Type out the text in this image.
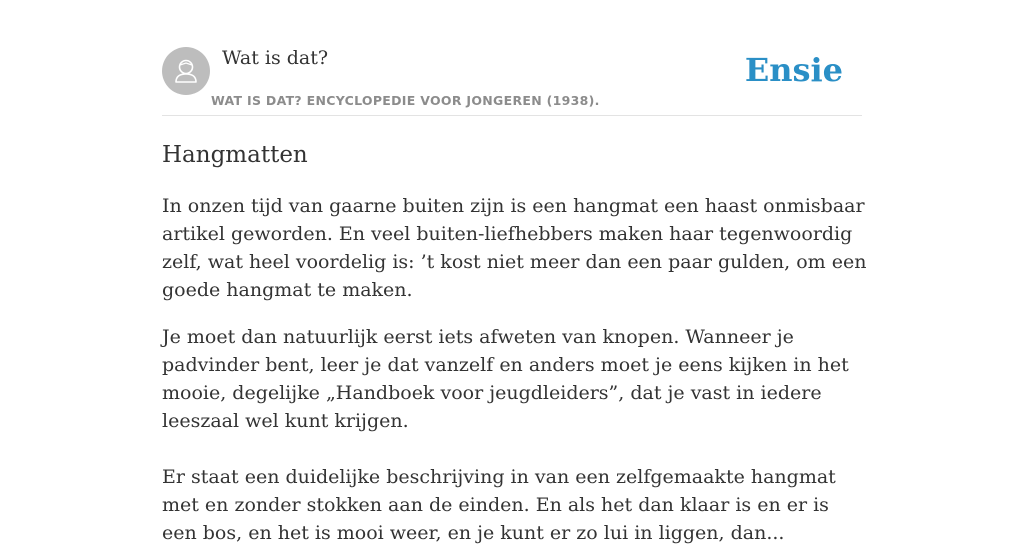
Wat is dat?
WAT IS DAT? ENCYCLOPEDIE VOOR JONGEREN (1938).
Ensie
Hangmatten

In onzen tijd van gaarne buiten zijn is een hangmat een haast onmisbaar artikel geworden. En veel buiten-liefhebbers maken haar tegenwoordig zelf, wat heel voordelig is: ’t kost niet meer dan een paar gulden, om een goede hangmat te maken.

Je moet dan natuurlijk eerst iets afweten van knopen. Wanneer je padvinder bent, leer je dat vanzelf en anders moet je eens kijken in het mooie, degelijke „Handboek voor jeugdleiders”, dat je vast in iedere leeszaal wel kunt krijgen.

Er staat een duidelijke beschrijving in van een zelfgemaakte hangmat met en zonder stokken aan de einden. En als het dan klaar is en er is een bos, en het is mooi weer, en je kunt er zo lui in liggen, dan...
